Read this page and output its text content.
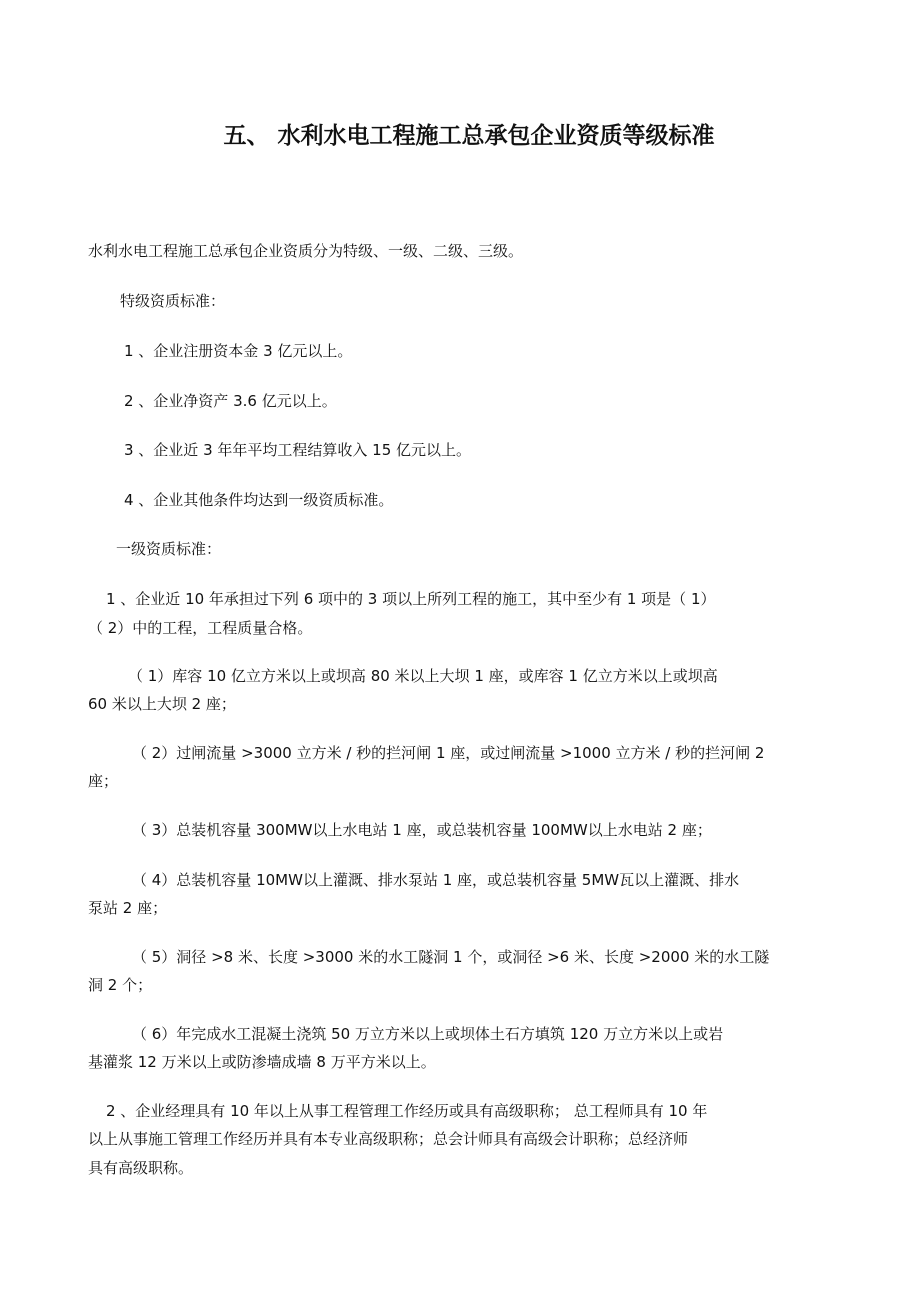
五、 水利水电工程施工总承包企业资质等级标准

水利水电工程施工总承包企业资质分为特级、一级、二级、三级。

特级资质标准：

1 、企业注册资本金 3 亿元以上。

2 、企业净资产 3.6 亿元以上。

3 、企业近 3 年年平均工程结算收入 15 亿元以上。

4 、企业其他条件均达到一级资质标准。

一级资质标准：

1 、企业近 10 年承担过下列 6 项中的 3 项以上所列工程的施工，其中至少有 1 项是（ 1）

（ 2）中的工程，工程质量合格。

（ 1）库容 10 亿立方米以上或坝高 80 米以上大坝 1 座，或库容 1 亿立方米以上或坝高

60 米以上大坝 2 座；

（ 2）过闸流量 >3000 立方米 / 秒的拦河闸 1 座，或过闸流量 >1000 立方米 / 秒的拦河闸 2

座；

（ 3）总装机容量 300MW以上水电站 1 座，或总装机容量 100MW以上水电站 2 座；

（ 4）总装机容量 10MW以上灌溉、排水泵站 1 座，或总装机容量 5MW瓦以上灌溉、排水

泵站 2 座；

（ 5）洞径 >8 米、长度 >3000 米的水工隧洞 1 个，或洞径 >6 米、长度 >2000 米的水工隧

洞 2 个；

（ 6）年完成水工混凝土浇筑 50 万立方米以上或坝体土石方填筑 120 万立方米以上或岩

基灌浆 12 万米以上或防渗墙成墙 8 万平方米以上。

2 、企业经理具有 10 年以上从事工程管理工作经历或具有高级职称； 总工程师具有 10 年

以上从事施工管理工作经历并具有本专业高级职称；总会计师具有高级会计职称；总经济师

具有高级职称。
